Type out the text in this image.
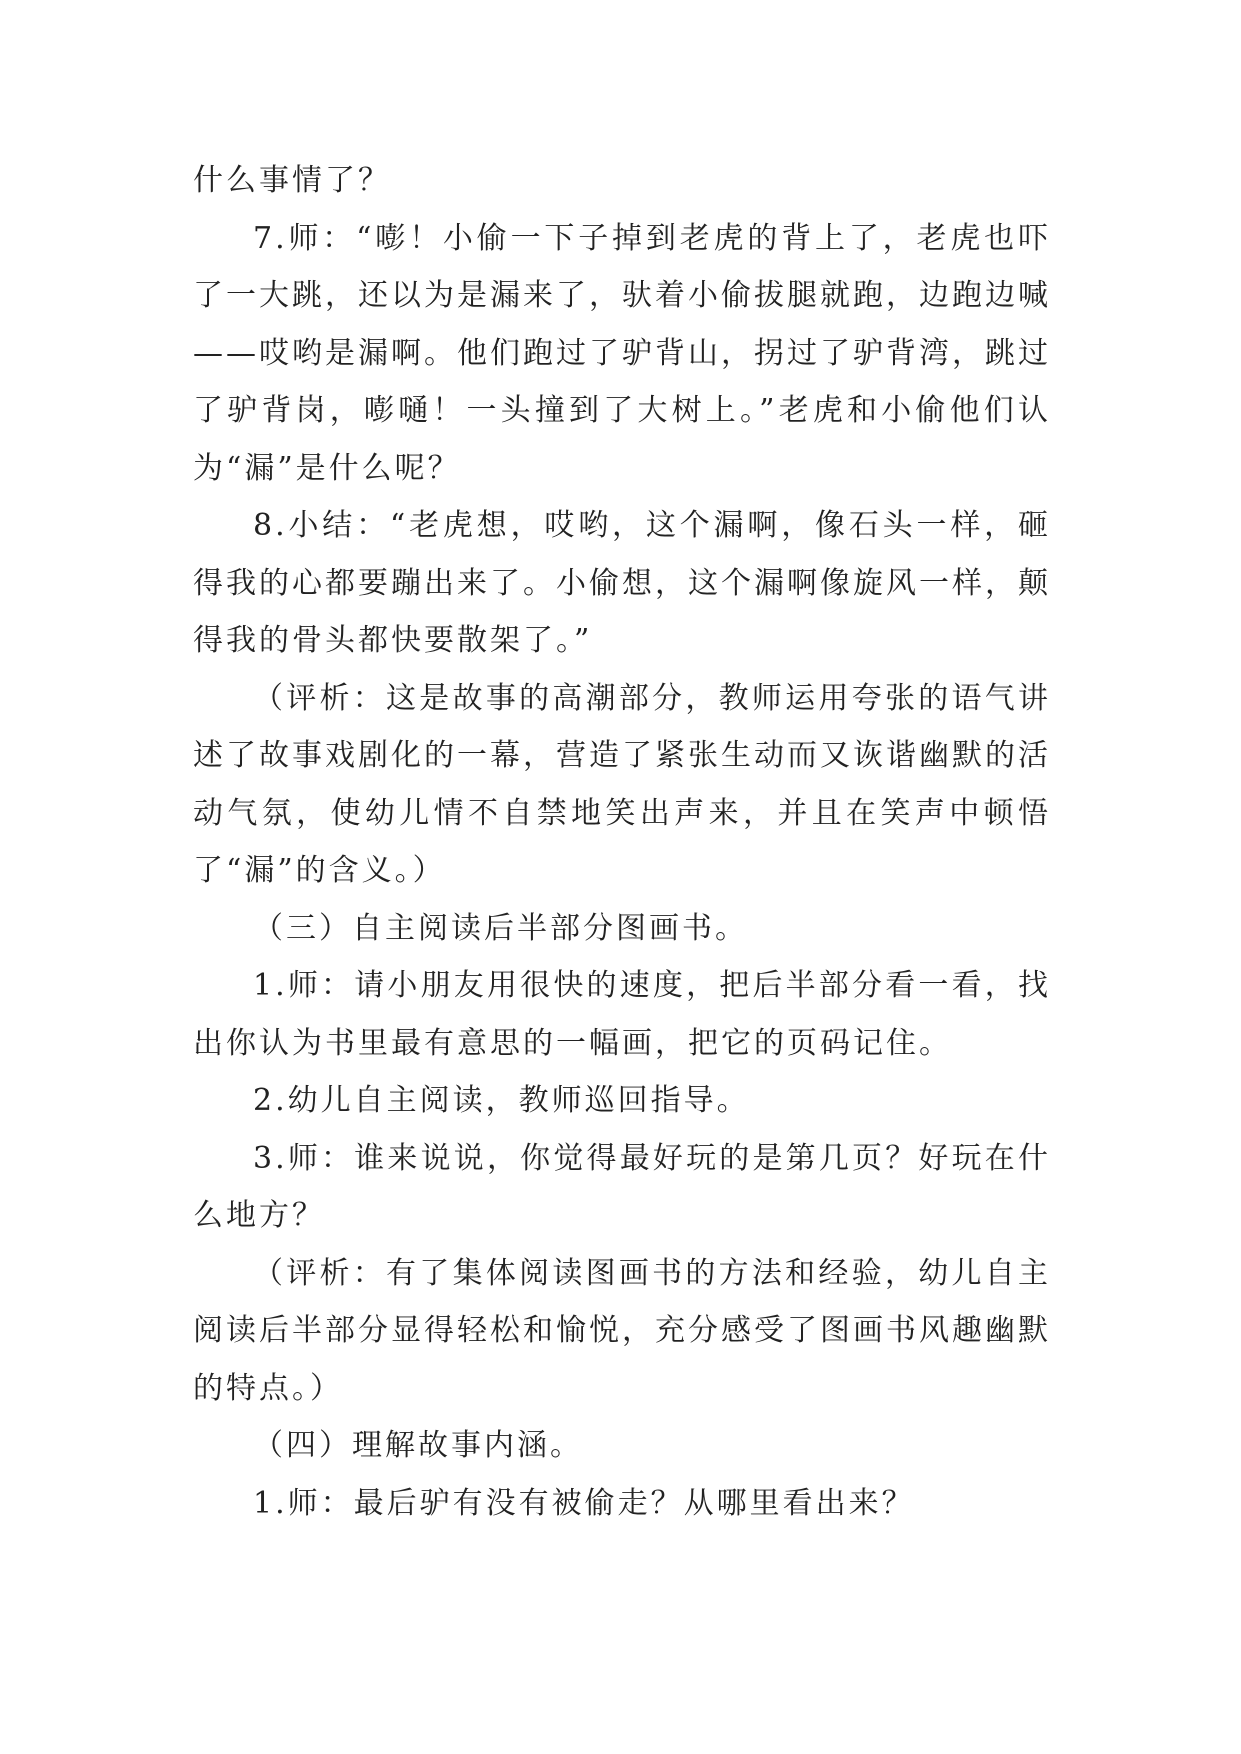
什么事情了？

7.师：“嘭！小偷一下子掉到老虎的背上了，老虎也吓了一大跳，还以为是漏来了，驮着小偷拔腿就跑，边跑边喊——哎哟是漏啊。他们跑过了驴背山，拐过了驴背湾，跳过了驴背岗，嘭嗵！一头撞到了大树上。”老虎和小偷他们认为“漏”是什么呢？

8.小结：“老虎想，哎哟，这个漏啊，像石头一样，砸得我的心都要蹦出来了。小偷想，这个漏啊像旋风一样，颠得我的骨头都快要散架了。”

（评析：这是故事的高潮部分，教师运用夸张的语气讲述了故事戏剧化的一幕，营造了紧张生动而又诙谐幽默的活动气氛，使幼儿情不自禁地笑出声来，并且在笑声中顿悟了“漏”的含义。）

（三）自主阅读后半部分图画书。

1.师：请小朋友用很快的速度，把后半部分看一看，找出你认为书里最有意思的一幅画，把它的页码记住。

2.幼儿自主阅读，教师巡回指导。

3.师：谁来说说，你觉得最好玩的是第几页？好玩在什么地方？

（评析：有了集体阅读图画书的方法和经验，幼儿自主阅读后半部分显得轻松和愉悦，充分感受了图画书风趣幽默的特点。）

（四）理解故事内涵。

1.师：最后驴有没有被偷走？从哪里看出来？
